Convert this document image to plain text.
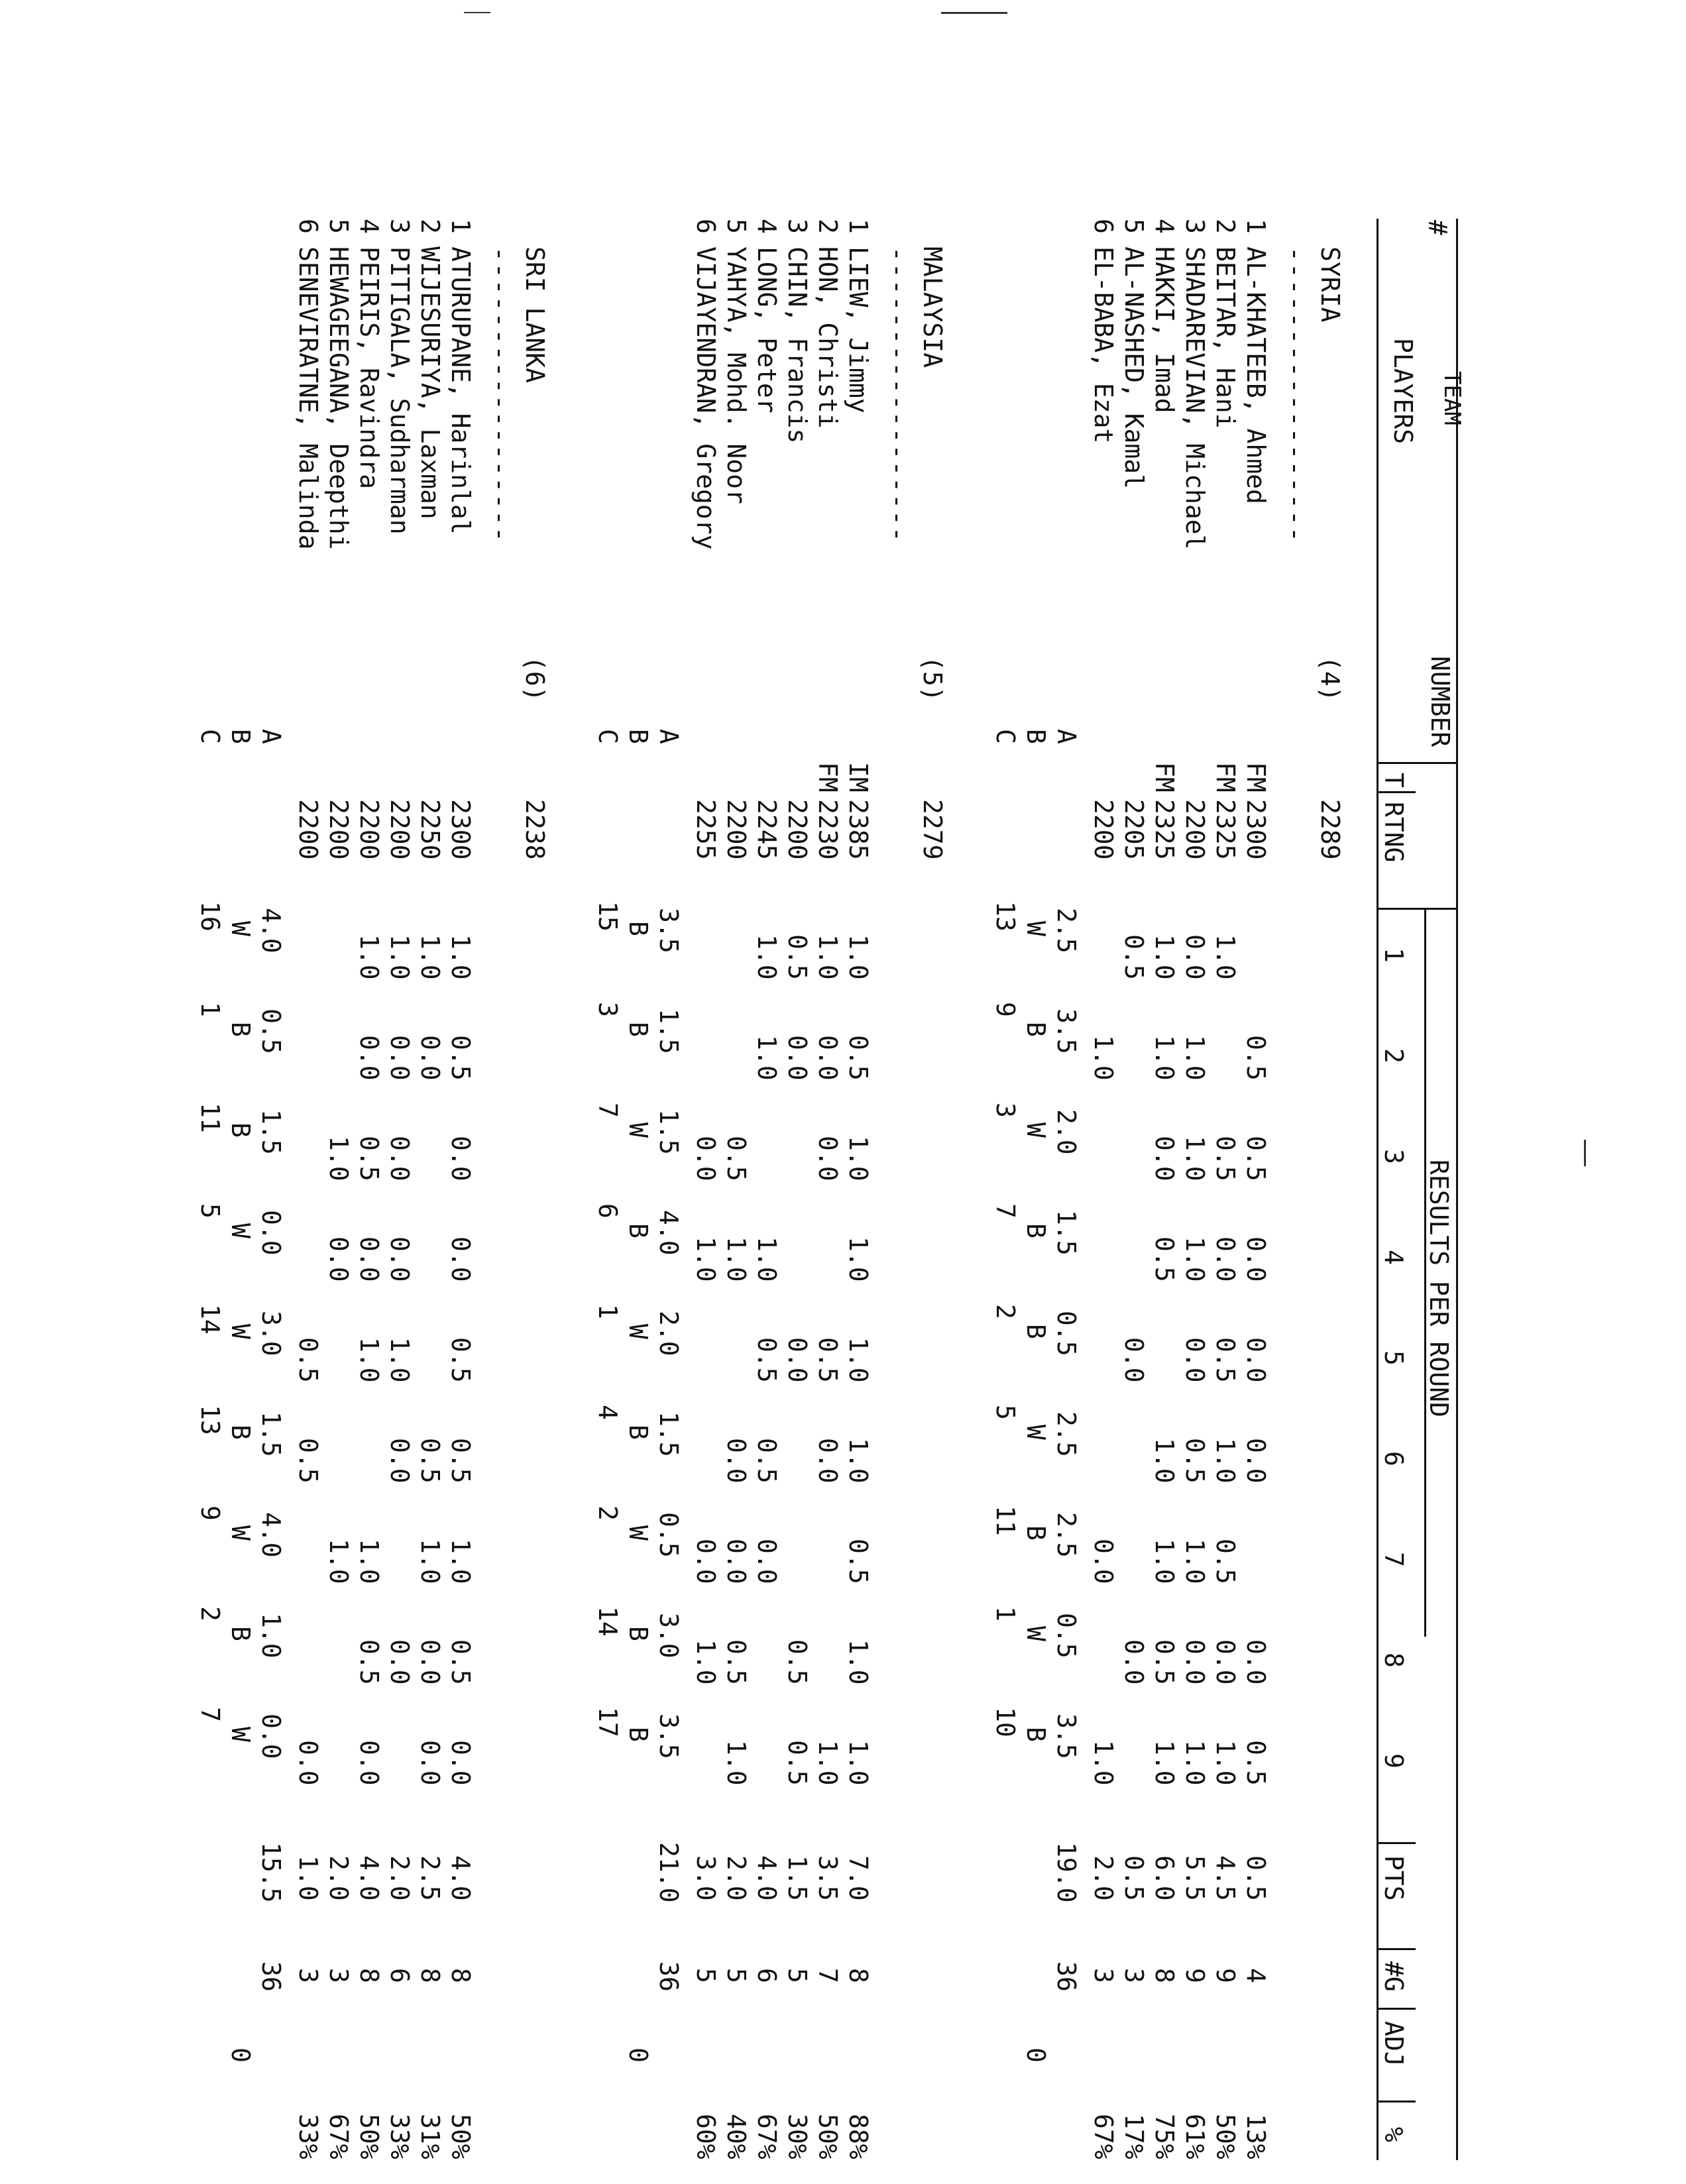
#
TEAM
PLAYERS
NUMBER
T
RTNG
RESULTS PER ROUND
PTS
#G
ADJ
%
1
2
3
4
5
6
7
8
9
SYRIA
(4)
2289
------------------
1
AL-KHATEEB, Ahmed
FM
2300
0.5
0.5
0.0
0.0
0.0
0.0
0.5
0.5
4
13%
2
BEITAR, Hani
FM
2325
1.0
0.5
0.0
0.5
1.0
0.5
0.0
1.0
4.5
9
50%
3
SHADAREVIAN, Michael
2200
0.0
1.0
1.0
1.0
0.0
0.5
1.0
0.0
1.0
5.5
9
61%
4
HAKKI, Imad
FM
2325
1.0
1.0
0.0
0.5
1.0
1.0
0.5
1.0
6.0
8
75%
5
AL-NASHED, Kamal
2205
0.5
0.0
0.0
0.5
3
17%
6
EL-BABA, Ezat
2200
1.0
0.0
1.0
2.0
3
67%
A
B
C
2.5
W
13
3.5
B
9
2.0
W
3
1.5
B
7
0.5
B
2
2.5
W
5
2.5
B
11
0.5
W
1
3.5
B
10
19.0
36
0
MALAYSIA
(5)
2279
------------------
1
LIEW, Jimmy
IM
2385
1.0
0.5
1.0
1.0
1.0
1.0
0.5
1.0
1.0
7.0
8
88%
2
HON, Christi
FM
2230
1.0
0.0
0.0
0.5
0.0
1.0
3.5
7
50%
3
CHIN, Francis
2200
0.5
0.0
0.0
0.5
0.5
1.5
5
30%
4
LONG, Peter
2245
1.0
1.0
1.0
0.5
0.5
0.0
4.0
6
67%
5
YAHYA, Mohd. Noor
2200
0.5
1.0
0.0
0.0
0.5
1.0
2.0
5
40%
6
VIJAYENDRAN, Gregory
2255
0.0
1.0
0.0
1.0
3.0
5
60%
A
B
C
3.5
B
15
1.5
B
3
1.5
W
7
4.0
B
6
2.0
W
1
1.5
B
4
0.5
W
2
3.0
B
14
3.5
B
17
21.0
36
0
SRI LANKA
(6)
2238
------------------
1
ATURUPANE, Harinlal
2300
1.0
0.5
0.0
0.0
0.5
0.5
1.0
0.5
0.0
4.0
8
50%
2
WIJESURIYA, Laxman
2250
1.0
0.0
0.5
1.0
0.0
0.0
2.5
8
31%
3
PITIGALA, Sudharman
2200
1.0
0.0
0.0
0.0
1.0
0.0
0.0
2.0
6
33%
4
PEIRIS, Ravindra
2200
1.0
0.0
0.5
0.0
1.0
1.0
0.5
0.0
4.0
8
50%
5
HEWAGEEGANA, Deepthi
2200
1.0
0.0
1.0
2.0
3
67%
6
SENEVIRATNE, Malinda
2200
0.5
0.5
0.0
1.0
3
33%
A
B
C
4.0
W
16
0.5
B
1
1.5
B
11
0.0
W
5
3.0
W
14
1.5
B
13
4.0
W
9
1.0
B
2
0.0
W
7
15.5
36
0
